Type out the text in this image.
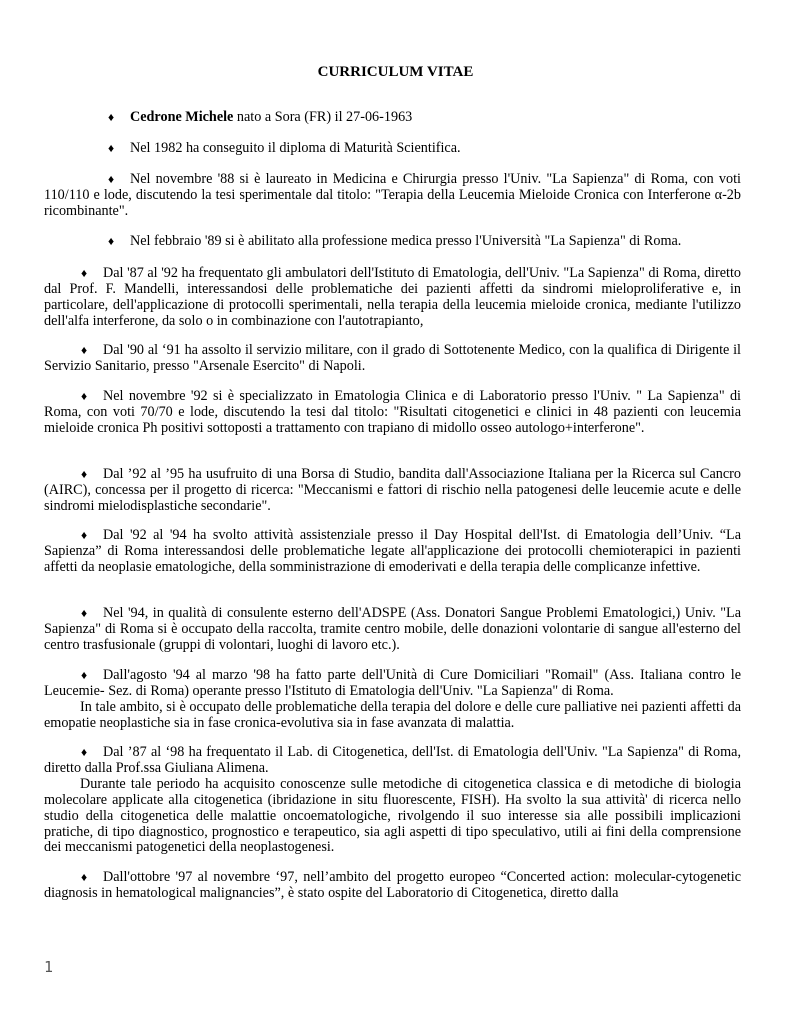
CURRICULUM VITAE
♦ Cedrone Michele nato a Sora (FR) il 27-06-1963
♦ Nel 1982 ha conseguito il diploma di Maturità Scientifica.
♦ Nel novembre '88 si è laureato in Medicina e Chirurgia presso l'Univ. "La Sapienza" di Roma, con voti 110/110 e lode, discutendo la tesi sperimentale dal titolo: "Terapia della Leucemia Mieloide Cronica con Interferone α-2b ricombinante".
♦ Nel febbraio '89 si è abilitato alla professione medica presso l'Università "La Sapienza" di Roma.
♦ Dal '87 al '92 ha frequentato gli ambulatori dell'Istituto di Ematologia, dell'Univ. "La Sapienza" di Roma, diretto dal Prof. F. Mandelli, interessandosi delle problematiche dei pazienti affetti da sindromi mieloproliferative e, in particolare, dell'applicazione di protocolli sperimentali, nella terapia della leucemia mieloide cronica, mediante l'utilizzo dell'alfa interferone, da solo o in combinazione con l'autotrapianto,
♦ Dal '90 al ‘91 ha assolto il servizio militare, con il grado di Sottotenente Medico, con la qualifica di Dirigente il Servizio Sanitario, presso "Arsenale Esercito" di Napoli.
♦ Nel novembre '92 si è specializzato in Ematologia Clinica e di Laboratorio presso l'Univ. " La Sapienza" di Roma, con voti 70/70 e lode, discutendo la tesi dal titolo: "Risultati citogenetici e clinici in 48 pazienti con leucemia mieloide cronica Ph positivi sottoposti a trattamento con trapiano di midollo osseo autologo+interferone".
♦ Dal ’92 al ’95 ha usufruito di una Borsa di Studio, bandita dall'Associazione Italiana per la Ricerca sul Cancro (AIRC), concessa per il progetto di ricerca: "Meccanismi e fattori di rischio nella patogenesi delle leucemie acute e delle sindromi mielodisplastiche secondarie".
♦ Dal '92 al '94 ha svolto attività assistenziale presso il Day Hospital dell'Ist. di Ematologia dell’Univ. “La Sapienza” di Roma interessandosi delle problematiche legate all'applicazione dei protocolli chemioterapici in pazienti affetti da neoplasie ematologiche, della somministrazione di emoderivati e della terapia delle complicanze infettive.
♦ Nel '94, in qualità di consulente esterno dell'ADSPE (Ass. Donatori Sangue Problemi Ematologici,) Univ. "La Sapienza" di Roma si è occupato della raccolta, tramite centro mobile, delle donazioni volontarie di sangue all'esterno del centro trasfusionale (gruppi di volontari, luoghi di lavoro etc.).
♦ Dall'agosto '94 al marzo '98 ha fatto parte dell'Unità di Cure Domiciliari "Romail" (Ass. Italiana contro le Leucemie- Sez. di Roma) operante presso l'Istituto di Ematologia dell'Univ. "La Sapienza" di Roma.
In tale ambito, si è occupato delle problematiche della terapia del dolore e delle cure palliative nei pazienti affetti da emopatie neoplastiche sia in fase cronica-evolutiva sia in fase avanzata di malattia.
♦ Dal ’87 al ‘98 ha frequentato il Lab. di Citogenetica, dell'Ist. di Ematologia dell'Univ. "La Sapienza" di Roma, diretto dalla Prof.ssa Giuliana Alimena.
Durante tale periodo ha acquisito conoscenze sulle metodiche di citogenetica classica e di metodiche di biologia molecolare applicate alla citogenetica (ibridazione in situ fluorescente, FISH). Ha svolto la sua attività' di ricerca nello studio della citogenetica delle malattie oncoematologiche, rivolgendo il suo interesse sia alle possibili implicazioni pratiche, di tipo diagnostico, prognostico e terapeutico, sia agli aspetti di tipo speculativo, utili ai fini della comprensione dei meccanismi patogenetici della neoplastogenesi.
♦ Dall'ottobre '97 al novembre ‘97, nell’ambito del progetto europeo “Concerted action: molecular-cytogenetic diagnosis in hematological malignancies”, è stato ospite del Laboratorio di Citogenetica, diretto dalla
1
